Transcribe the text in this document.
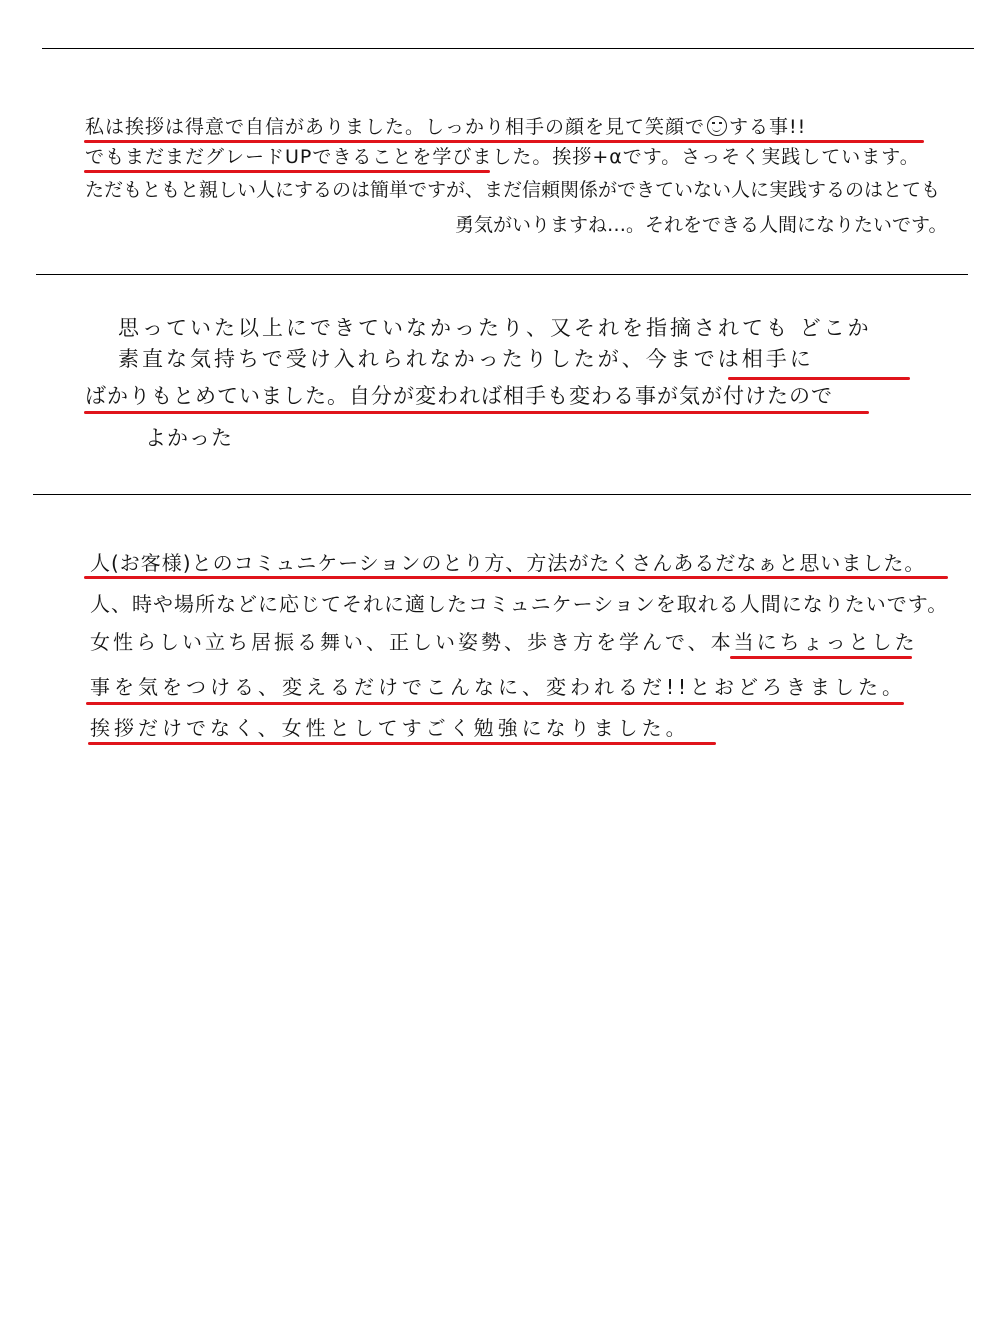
私は挨拶は得意で自信がありました。しっかり相手の顔を見て笑顔で する事!!
でもまだまだグレードUPできることを学びました。挨拶+αです。さっそく実践しています。
ただもともと親しい人にするのは簡単ですが、まだ信頼関係ができていない人に実践するのはとても
勇気がいりますね…。それをできる人間になりたいです。
思っていた以上にできていなかったり、又それを指摘されても どこか
素直な気持ちで受け入れられなかったりしたが、今までは相手に
ばかりもとめていました。自分が変われば相手も変わる事が気が付けたので
よかった
人(お客様)とのコミュニケーションのとり方、方法がたくさんあるだなぁと思いました。
人、時や場所などに応じてそれに適したコミュニケーションを取れる人間になりたいです。
女性らしい立ち居振る舞い、正しい姿勢、歩き方を学んで、本当にちょっとした
事を気をつける、変えるだけでこんなに、変われるだ!!とおどろきました。
挨拶だけでなく、女性としてすごく勉強になりました。
